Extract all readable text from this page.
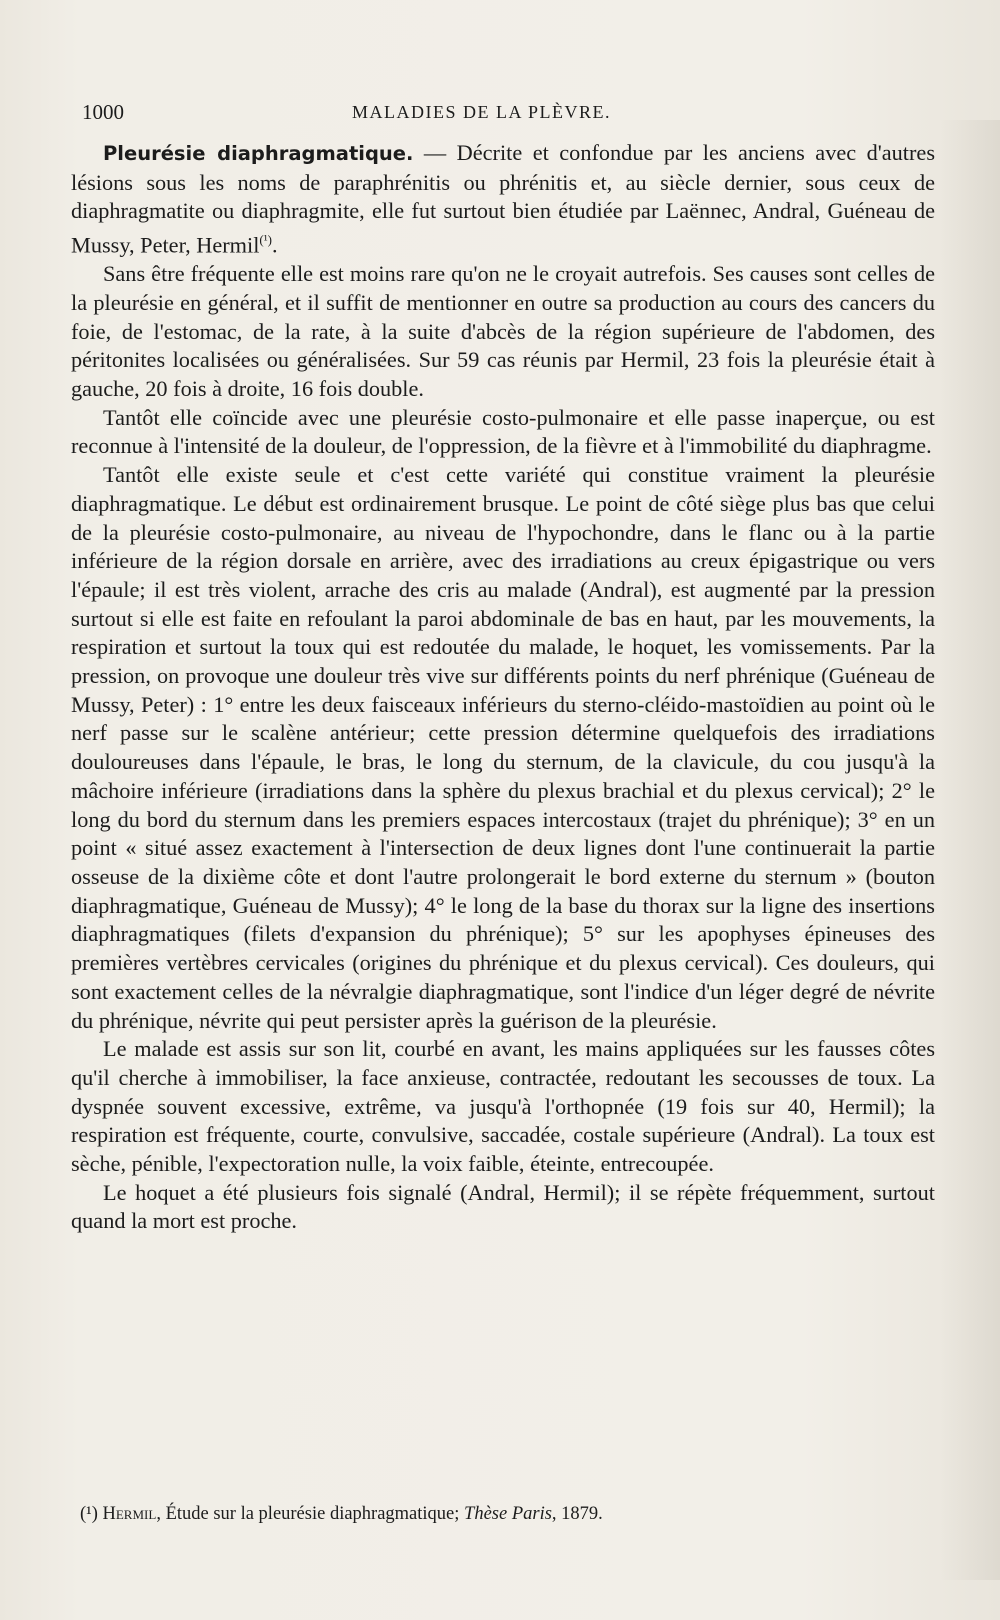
1000	MALADIES DE LA PLÈVRE.

Pleurésie diaphragmatique. — Décrite et confondue par les anciens avec d'autres lésions sous les noms de paraphrénitis ou phrénitis et, au siècle dernier, sous ceux de diaphragmatite ou diaphragmite, elle fut surtout bien étudiée par Laënnec, Andral, Guéneau de Mussy, Peter, Hermil$^{(^1)}$.

Sans être fréquente elle est moins rare qu'on ne le croyait autrefois. Ses causes sont celles de la pleurésie en général, et il suffit de mentionner en outre sa production au cours des cancers du foie, de l'estomac, de la rate, à la suite d'abcès de la région supérieure de l'abdomen, des péritonites localisées ou généralisées. Sur 59 cas réunis par Hermil, 23 fois la pleurésie était à gauche, 20 fois à droite, 16 fois double.

Tantôt elle coïncide avec une pleurésie costo-pulmonaire et elle passe inaperçue, ou est reconnue à l'intensité de la douleur, de l'oppression, de la fièvre et à l'immobilité du diaphragme.

Tantôt elle existe seule et c'est cette variété qui constitue vraiment la pleurésie diaphragmatique. Le début est ordinairement brusque. Le point de côté siège plus bas que celui de la pleurésie costo-pulmonaire, au niveau de l'hypochondre, dans le flanc ou à la partie inférieure de la région dorsale en arrière, avec des irradiations au creux épigastrique ou vers l'épaule; il est très violent, arrache des cris au malade (Andral), est augmenté par la pression surtout si elle est faite en refoulant la paroi abdominale de bas en haut, par les mouvements, la respiration et surtout la toux qui est redoutée du malade, le hoquet, les vomissements. Par la pression, on provoque une douleur très vive sur différents points du nerf phrénique (Guéneau de Mussy, Peter) : 1° entre les deux faisceaux inférieurs du sterno-cléido-mastoïdien au point où le nerf passe sur le scalène antérieur; cette pression détermine quelquefois des irradiations douloureuses dans l'épaule, le bras, le long du sternum, de la clavicule, du cou jusqu'à la mâchoire inférieure (irradiations dans la sphère du plexus brachial et du plexus cervical); 2° le long du bord du sternum dans les premiers espaces intercostaux (trajet du phrénique); 3° en un point « situé assez exactement à l'intersection de deux lignes dont l'une continuerait la partie osseuse de la dixième côte et dont l'autre prolongerait le bord externe du sternum » (bouton diaphragmatique, Guéneau de Mussy); 4° le long de la base du thorax sur la ligne des insertions diaphragmatiques (filets d'expansion du phrénique); 5° sur les apophyses épineuses des premières vertèbres cervicales (origines du phrénique et du plexus cervical). Ces douleurs, qui sont exactement celles de la névralgie diaphragmatique, sont l'indice d'un léger degré de névrite du phrénique, névrite qui peut persister après la guérison de la pleurésie.

Le malade est assis sur son lit, courbé en avant, les mains appliquées sur les fausses côtes qu'il cherche à immobiliser, la face anxieuse, contractée, redoutant les secousses de toux. La dyspnée souvent excessive, extrême, va jusqu'à l'orthopnée (19 fois sur 40, Hermil); la respiration est fréquente, courte, convulsive, saccadée, costale supérieure (Andral). La toux est sèche, pénible, l'expectoration nulle, la voix faible, éteinte, entrecoupée.

Le hoquet a été plusieurs fois signalé (Andral, Hermil); il se répète fréquemment, surtout quand la mort est proche.

(¹) Hermil, Étude sur la pleurésie diaphragmatique; Thèse Paris, 1879.
